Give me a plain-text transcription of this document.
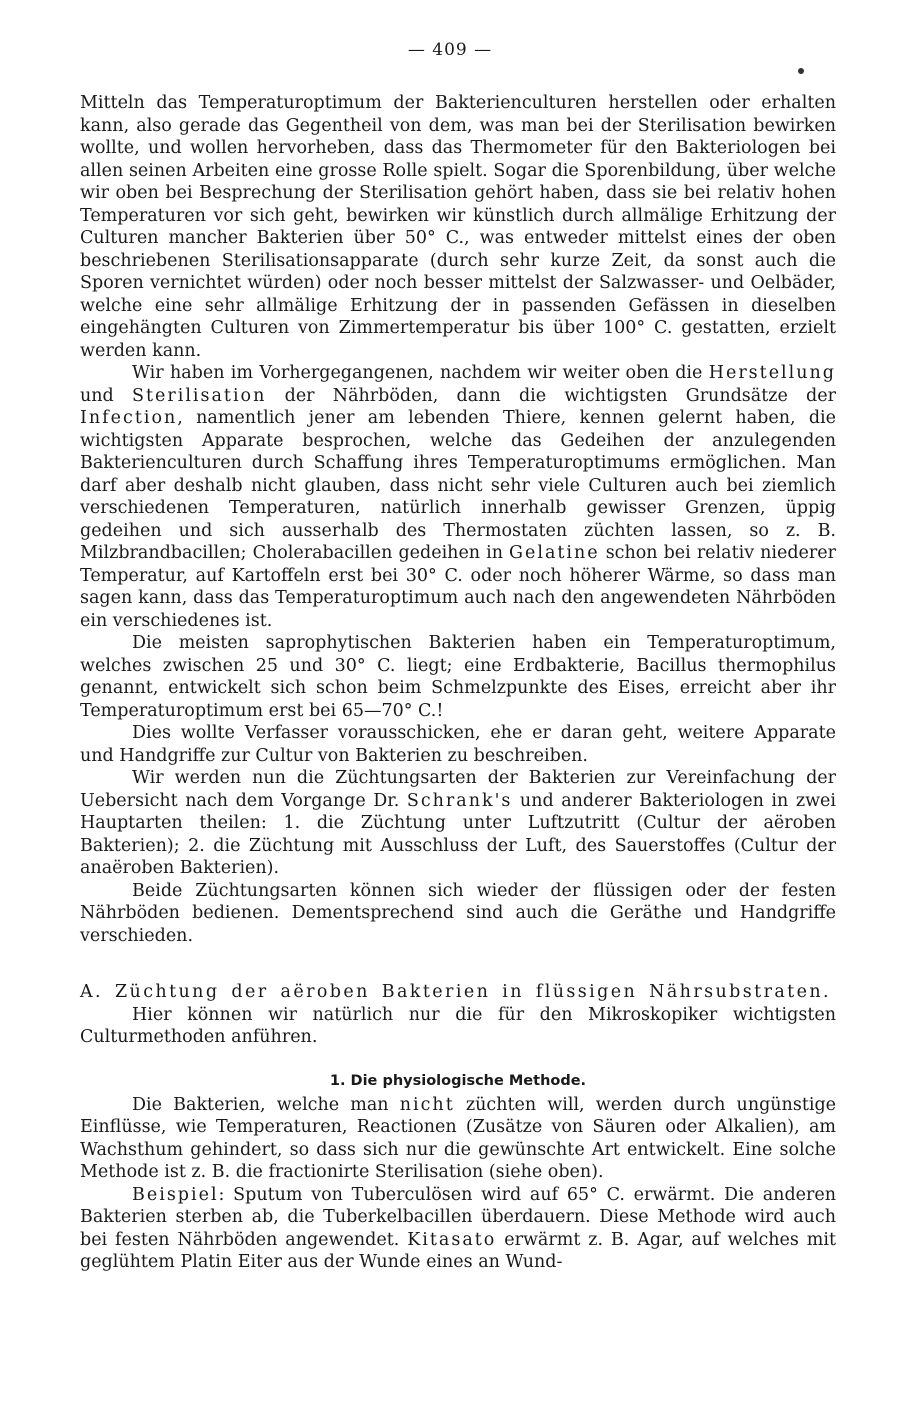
— 409 —

Mitteln das Temperaturoptimum der Bakterienculturen herstellen oder erhalten kann, also gerade das Gegentheil von dem, was man bei der Sterilisation bewirken wollte, und wollen hervorheben, dass das Thermometer für den Bakteriologen bei allen seinen Arbeiten eine grosse Rolle spielt. Sogar die Sporenbildung, über welche wir oben bei Besprechung der Sterilisation gehört haben, dass sie bei relativ hohen Temperaturen vor sich geht, bewirken wir künstlich durch allmälige Erhitzung der Culturen mancher Bakterien über 50° C., was entweder mittelst eines der oben beschriebenen Sterilisationsapparate (durch sehr kurze Zeit, da sonst auch die Sporen vernichtet würden) oder noch besser mittelst der Salzwasser- und Oelbäder, welche eine sehr allmälige Erhitzung der in passenden Gefässen in dieselben eingehängten Culturen von Zimmertemperatur bis über 100° C. gestatten, erzielt werden kann.

Wir haben im Vorhergegangenen, nachdem wir weiter oben die Herstellung und Sterilisation der Nährböden, dann die wichtigsten Grundsätze der Infection, namentlich jener am lebenden Thiere, kennen gelernt haben, die wichtigsten Apparate besprochen, welche das Gedeihen der anzulegenden Bakterienculturen durch Schaffung ihres Temperaturoptimums ermöglichen. Man darf aber deshalb nicht glauben, dass nicht sehr viele Culturen auch bei ziemlich verschiedenen Temperaturen, natürlich innerhalb gewisser Grenzen, üppig gedeihen und sich ausserhalb des Thermostaten züchten lassen, so z. B. Milzbrandbacillen; Cholerabacillen gedeihen in Gelatine schon bei relativ niederer Temperatur, auf Kartoffeln erst bei 30° C. oder noch höherer Wärme, so dass man sagen kann, dass das Temperaturoptimum auch nach den angewendeten Nährböden ein verschiedenes ist.

Die meisten saprophytischen Bakterien haben ein Temperaturoptimum, welches zwischen 25 und 30° C. liegt; eine Erdbakterie, Bacillus thermophilus genannt, entwickelt sich schon beim Schmelzpunkte des Eises, erreicht aber ihr Temperaturoptimum erst bei 65—70° C.!

Dies wollte Verfasser vorausschicken, ehe er daran geht, weitere Apparate und Handgriffe zur Cultur von Bakterien zu beschreiben.

Wir werden nun die Züchtungsarten der Bakterien zur Vereinfachung der Uebersicht nach dem Vorgange Dr. Schrank's und anderer Bakteriologen in zwei Hauptarten theilen: 1. die Züchtung unter Luftzutritt (Cultur der aëroben Bakterien); 2. die Züchtung mit Ausschluss der Luft, des Sauerstoffes (Cultur der anaëroben Bakterien).

Beide Züchtungsarten können sich wieder der flüssigen oder der festen Nährböden bedienen. Dementsprechend sind auch die Geräthe und Handgriffe verschieden.

A. Züchtung der aëroben Bakterien in flüssigen Nährsubstraten.

Hier können wir natürlich nur die für den Mikroskopiker wichtigsten Culturmethoden anführen.

1. Die physiologische Methode.

Die Bakterien, welche man nicht züchten will, werden durch ungünstige Einflüsse, wie Temperaturen, Reactionen (Zusätze von Säuren oder Alkalien), am Wachsthum gehindert, so dass sich nur die gewünschte Art entwickelt. Eine solche Methode ist z. B. die fractionirte Sterilisation (siehe oben).

Beispiel: Sputum von Tuberculösen wird auf 65° C. erwärmt. Die anderen Bakterien sterben ab, die Tuberkelbacillen überdauern. Diese Methode wird auch bei festen Nährböden angewendet. Kitasato erwärmt z. B. Agar, auf welches mit geglühtem Platin Eiter aus der Wunde eines an Wund-
